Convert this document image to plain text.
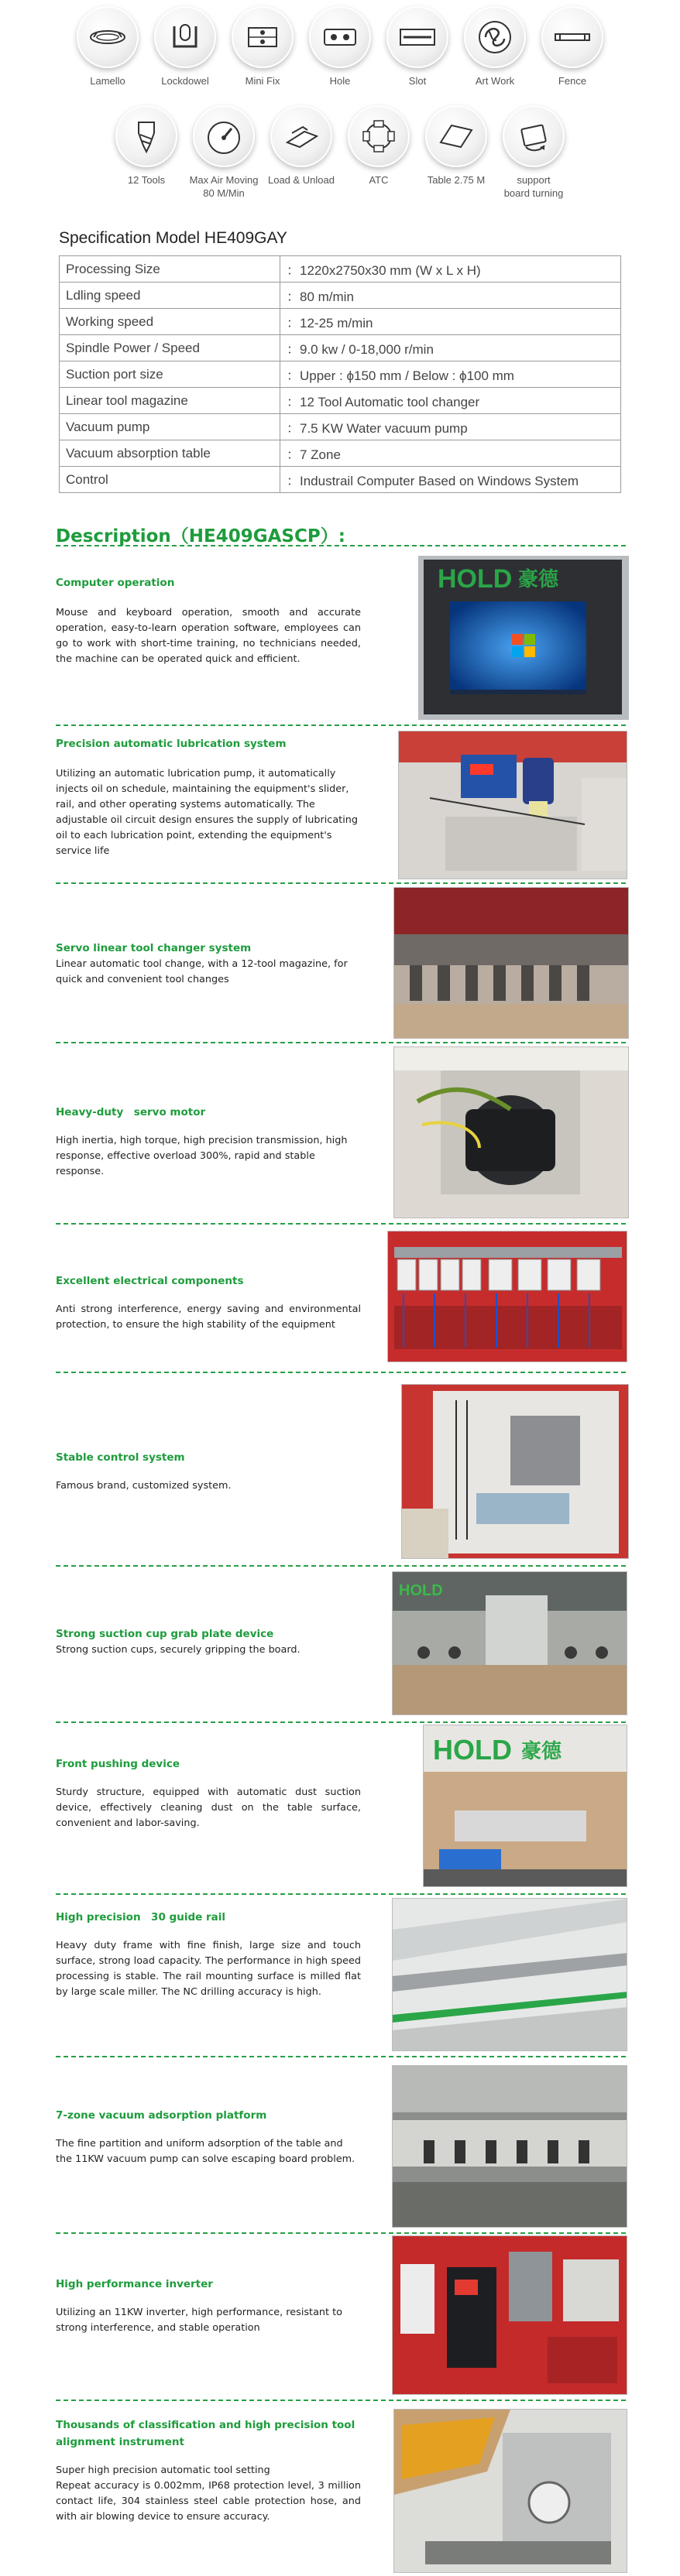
Lamello	Lockdowel	Mini Fix	Hole	Slot	Art Work	Fence
12 Tools Max Air Moving
80 M/Min
Load & Unload	ATC	Table 2.75 M	support
board turning
Specification Model HE409GAY
Processing Size	：1220x2750x30 mm (W x L x H)
Ldling speed	：80 m/min
Working speed	：12-25 m/min
Spindle Power / Speed	：9.0 kw / 0-18,000 r/min
Suction port size	：Upper : ϕ150 mm / Below : ϕ100 mm
Linear tool magazine	：12 Tool Automatic tool changer
Vacuum pump	：7.5 KW Water vacuum pump
Vacuum absorption table	：7 Zone
Control	：Industrail Computer Based on Windows System
Description（HE409GASCP）:
Computer operation

Mouse and keyboard operation, smooth and accurate operation, easy-to-learn operation software, employees can go to work with short-time training, no technicians needed, the machine can be operated quick and efficient.

HOLD 豪德
Precision automatic lubrication system

Utilizing an automatic lubrication pump, it automatically injects oil on schedule, maintaining the equipment's slider, rail, and other operating systems automatically. The adjustable oil circuit design ensures the supply of lubricating oil to each lubrication point, extending the equipment's service life

Servo linear tool changer system

Linear automatic tool change, with a 12-tool magazine, for quick and convenient tool changes

Heavy-duty　servo motor

High inertia, high torque, high precision transmission, high response, effective overload 300%, rapid and stable response.

Excellent electrical components

Anti strong interference, energy saving and environmental protection, to ensure the high stability of the equipment

Stable control system

Famous brand, customized system.

Strong suction cup grab plate device

Strong suction cups, securely gripping the board.

HOLD
Front pushing device

Sturdy structure, equipped with automatic dust suction device, effectively cleaning dust on the table surface, convenient and labor-saving.

HOLD 豪德
High precision　30 guide rail

Heavy duty frame with fine finish, large size and touch surface, strong load capacity. The performance in high speed processing is stable. The rail mounting surface is milled flat by large scale miller. The NC drilling accuracy is high.

7-zone vacuum adsorption platform

The fine partition and uniform adsorption of the table and the 11KW vacuum pump can solve escaping board problem.

High performance inverter

Utilizing an 11KW inverter, high performance, resistant to strong interference, and stable operation

Thousands of classification and high precision tool alignment instrument

Super high precision automatic tool setting

Repeat accuracy is 0.002mm, IP68 protection level, 3 million contact life, 304 stainless steel cable protection hose, and with air blowing device to ensure accuracy.
